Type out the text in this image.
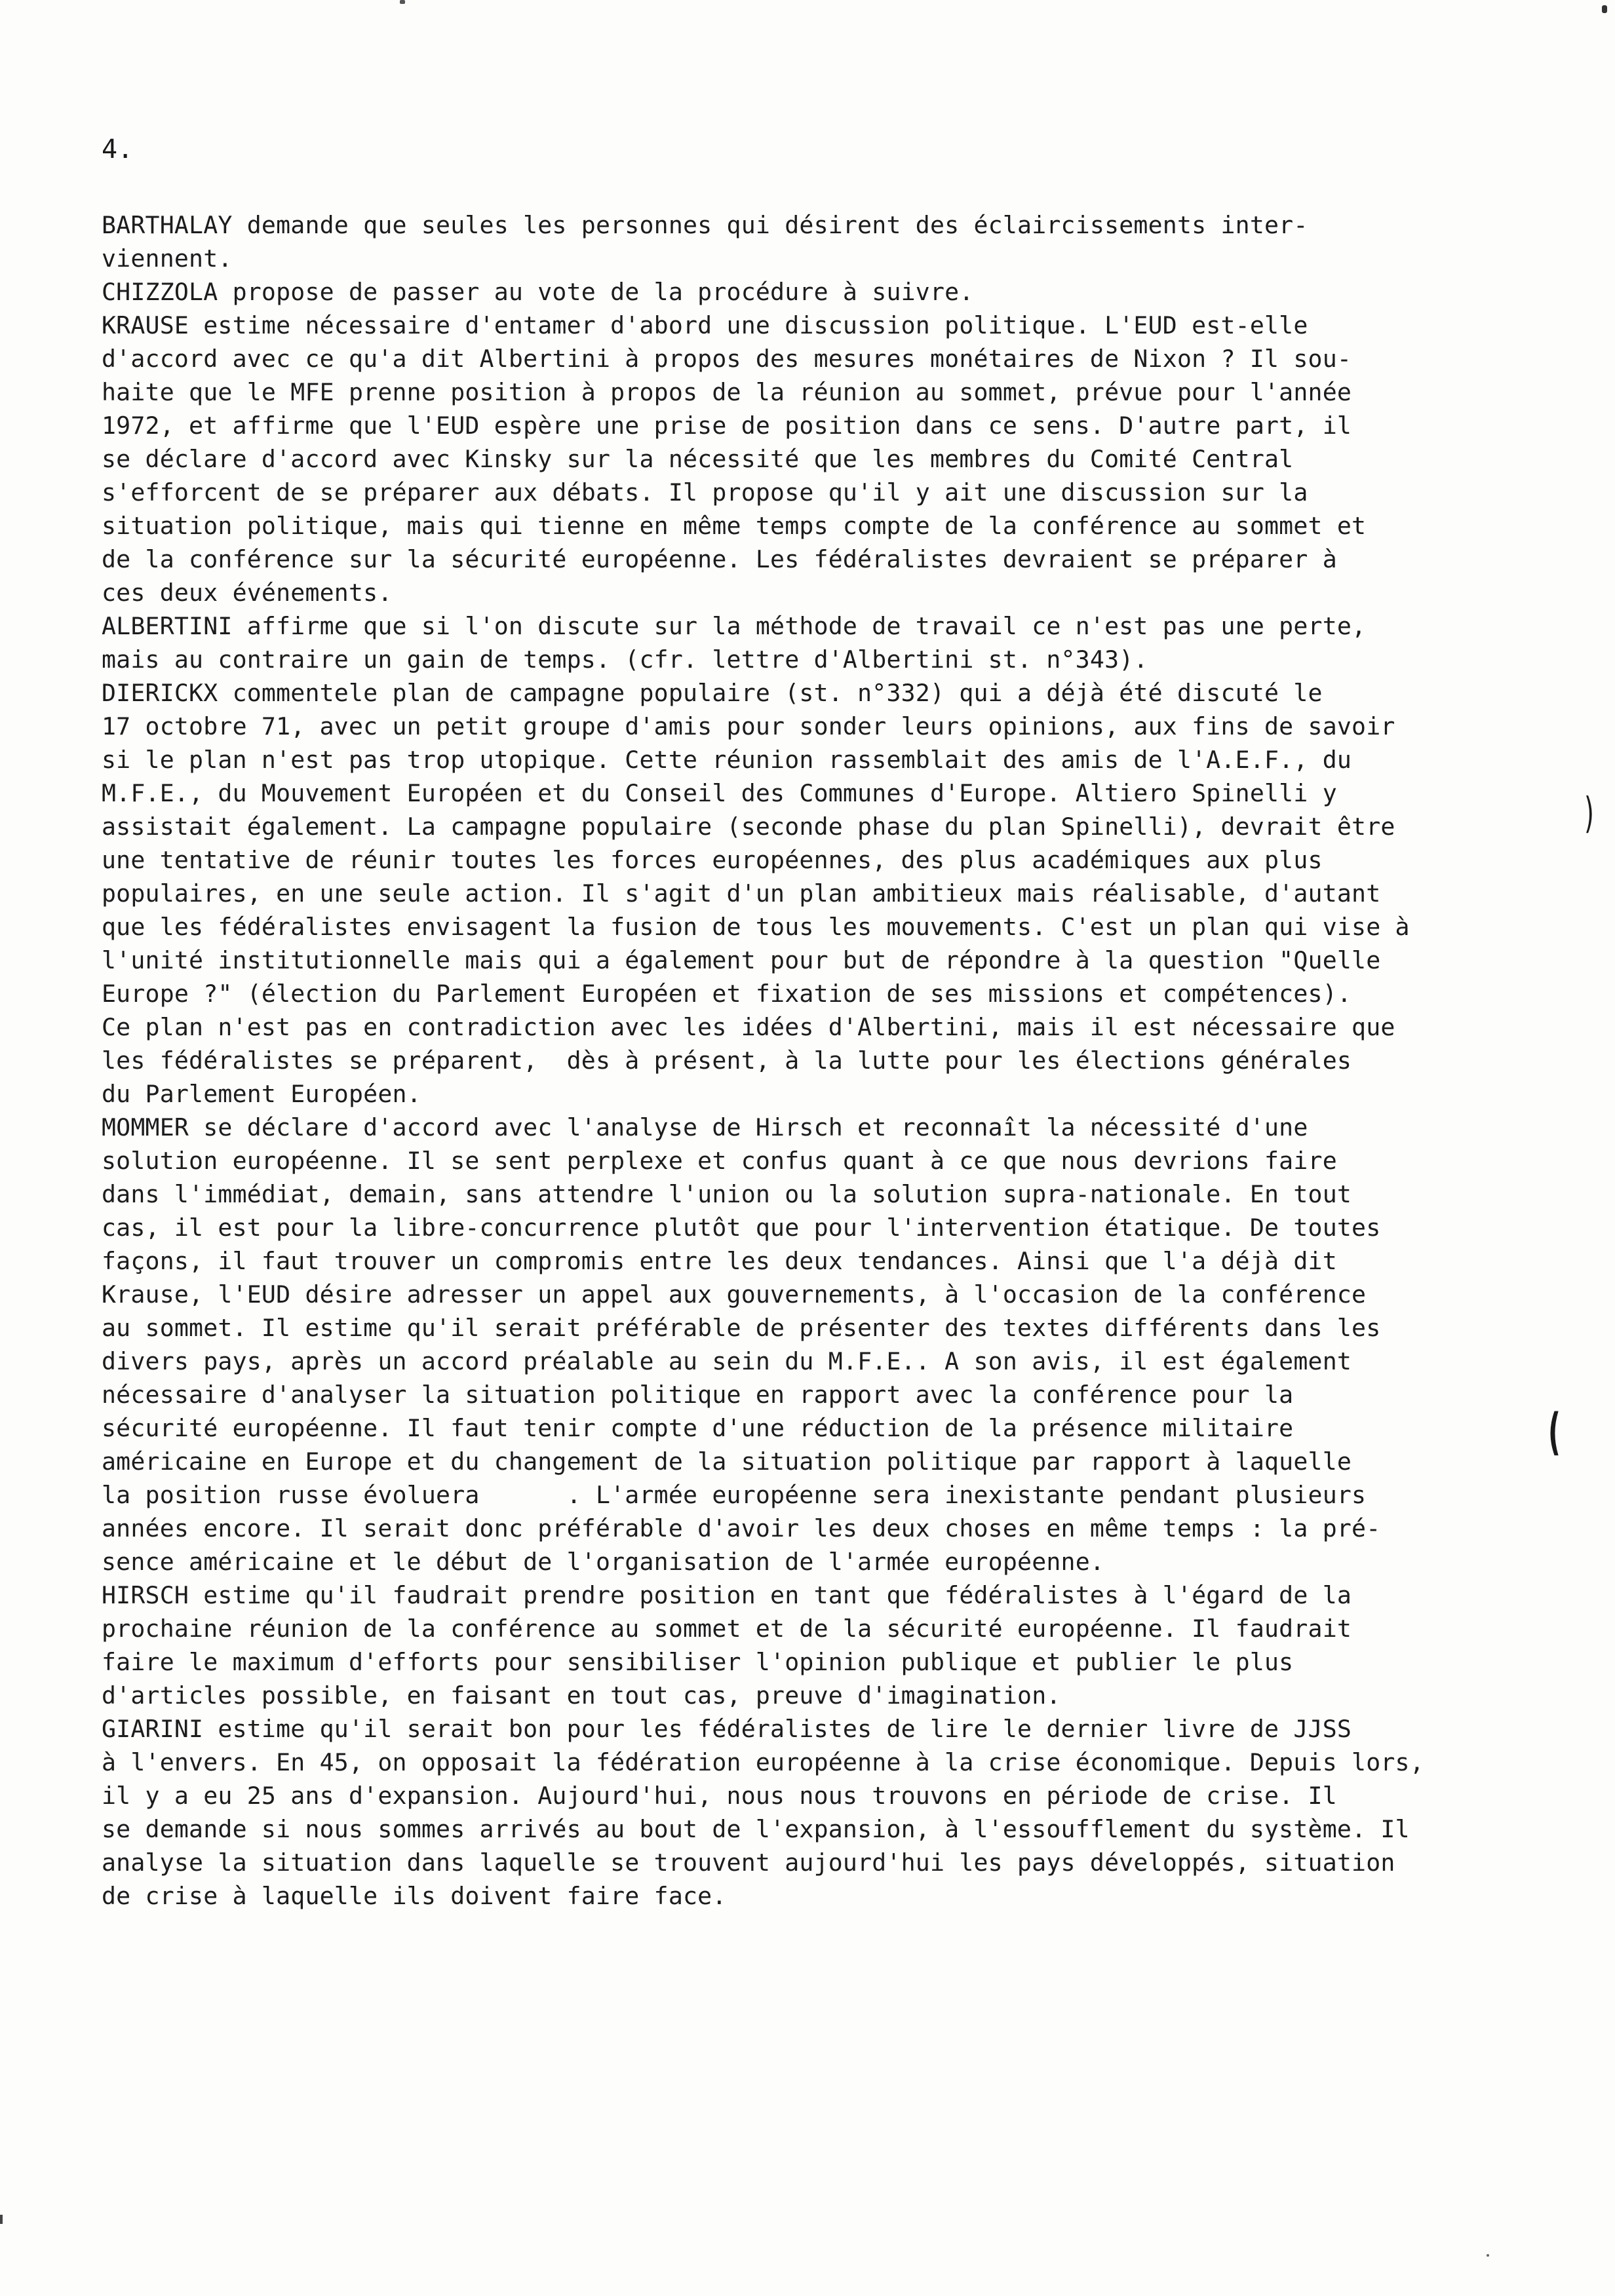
4.
BARTHALAY demande que seules les personnes qui désirent des éclaircissements inter-
viennent.
CHIZZOLA propose de passer au vote de la procédure à suivre.
KRAUSE estime nécessaire d'entamer d'abord une discussion politique. L'EUD est-elle
d'accord avec ce qu'a dit Albertini à propos des mesures monétaires de Nixon ? Il sou-
haite que le MFE prenne position à propos de la réunion au sommet, prévue pour l'année
1972, et affirme que l'EUD espère une prise de position dans ce sens. D'autre part, il
se déclare d'accord avec Kinsky sur la nécessité que les membres du Comité Central
s'efforcent de se préparer aux débats. Il propose qu'il y ait une discussion sur la
situation politique, mais qui tienne en même temps compte de la conférence au sommet et
de la conférence sur la sécurité européenne. Les fédéralistes devraient se préparer à
ces deux événements.
ALBERTINI affirme que si l'on discute sur la méthode de travail ce n'est pas une perte,
mais au contraire un gain de temps. (cfr. lettre d'Albertini st. n°343).
DIERICKX commentele plan de campagne populaire (st. n°332) qui a déjà été discuté le
17 octobre 71, avec un petit groupe d'amis pour sonder leurs opinions, aux fins de savoir
si le plan n'est pas trop utopique. Cette réunion rassemblait des amis de l'A.E.F., du
M.F.E., du Mouvement Européen et du Conseil des Communes d'Europe. Altiero Spinelli y
assistait également. La campagne populaire (seconde phase du plan Spinelli), devrait être
une tentative de réunir toutes les forces européennes, des plus académiques aux plus
populaires, en une seule action. Il s'agit d'un plan ambitieux mais réalisable, d'autant
que les fédéralistes envisagent la fusion de tous les mouvements. C'est un plan qui vise à
l'unité institutionnelle mais qui a également pour but de répondre à la question "Quelle
Europe ?" (élection du Parlement Européen et fixation de ses missions et compétences).
Ce plan n'est pas en contradiction avec les idées d'Albertini, mais il est nécessaire que
les fédéralistes se préparent,  dès à présent, à la lutte pour les élections générales
du Parlement Européen.
MOMMER se déclare d'accord avec l'analyse de Hirsch et reconnaît la nécessité d'une
solution européenne. Il se sent perplexe et confus quant à ce que nous devrions faire
dans l'immédiat, demain, sans attendre l'union ou la solution supra-nationale. En tout
cas, il est pour la libre-concurrence plutôt que pour l'intervention étatique. De toutes
façons, il faut trouver un compromis entre les deux tendances. Ainsi que l'a déjà dit
Krause, l'EUD désire adresser un appel aux gouvernements, à l'occasion de la conférence
au sommet. Il estime qu'il serait préférable de présenter des textes différents dans les
divers pays, après un accord préalable au sein du M.F.E.. A son avis, il est également
nécessaire d'analyser la situation politique en rapport avec la conférence pour la
sécurité européenne. Il faut tenir compte d'une réduction de la présence militaire
américaine en Europe et du changement de la situation politique par rapport à laquelle
la position russe évoluera      . L'armée européenne sera inexistante pendant plusieurs
années encore. Il serait donc préférable d'avoir les deux choses en même temps : la pré-
sence américaine et le début de l'organisation de l'armée européenne.
HIRSCH estime qu'il faudrait prendre position en tant que fédéralistes à l'égard de la
prochaine réunion de la conférence au sommet et de la sécurité européenne. Il faudrait
faire le maximum d'efforts pour sensibiliser l'opinion publique et publier le plus
d'articles possible, en faisant en tout cas, preuve d'imagination.
GIARINI estime qu'il serait bon pour les fédéralistes de lire le dernier livre de JJSS
à l'envers. En 45, on opposait la fédération européenne à la crise économique. Depuis lors,
il y a eu 25 ans d'expansion. Aujourd'hui, nous nous trouvons en période de crise. Il
se demande si nous sommes arrivés au bout de l'expansion, à l'essoufflement du système. Il
analyse la situation dans laquelle se trouvent aujourd'hui les pays développés, situation
de crise à laquelle ils doivent faire face.
)
(
